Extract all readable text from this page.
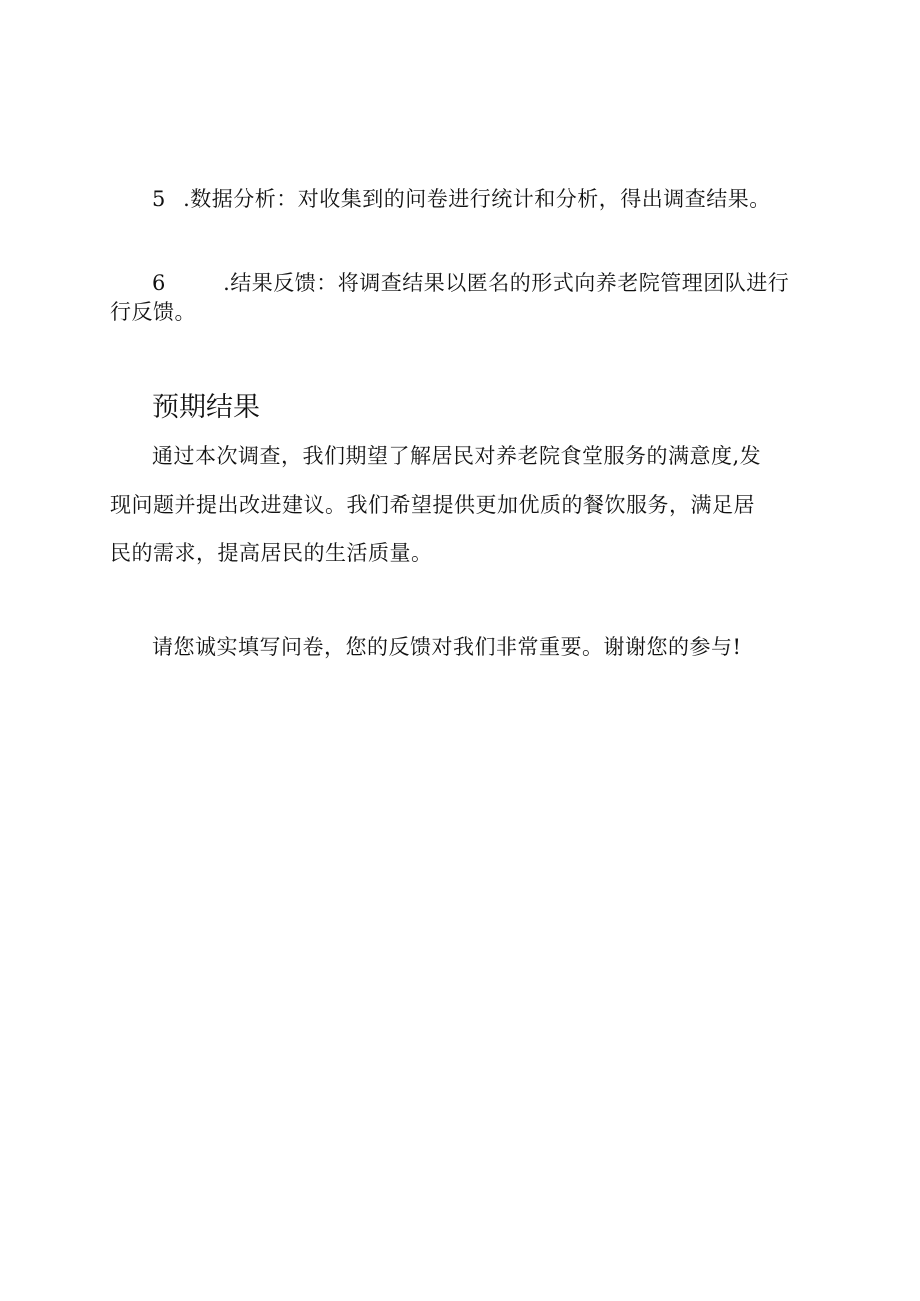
5 .数据分析：对收集到的问卷进行统计和分析，得出调查结果。
6	.结果反馈：将调查结果以匿名的形式向养老院管理团队进行
行反馈。
预期结果
通过本次调查，我们期望了解居民对养老院食堂服务的满意度,发
现问题并提出改进建议。我们希望提供更加优质的餐饮服务，满足居
民的需求，提高居民的生活质量。
请您诚实填写问卷，您的反馈对我们非常重要。谢谢您的参与!
